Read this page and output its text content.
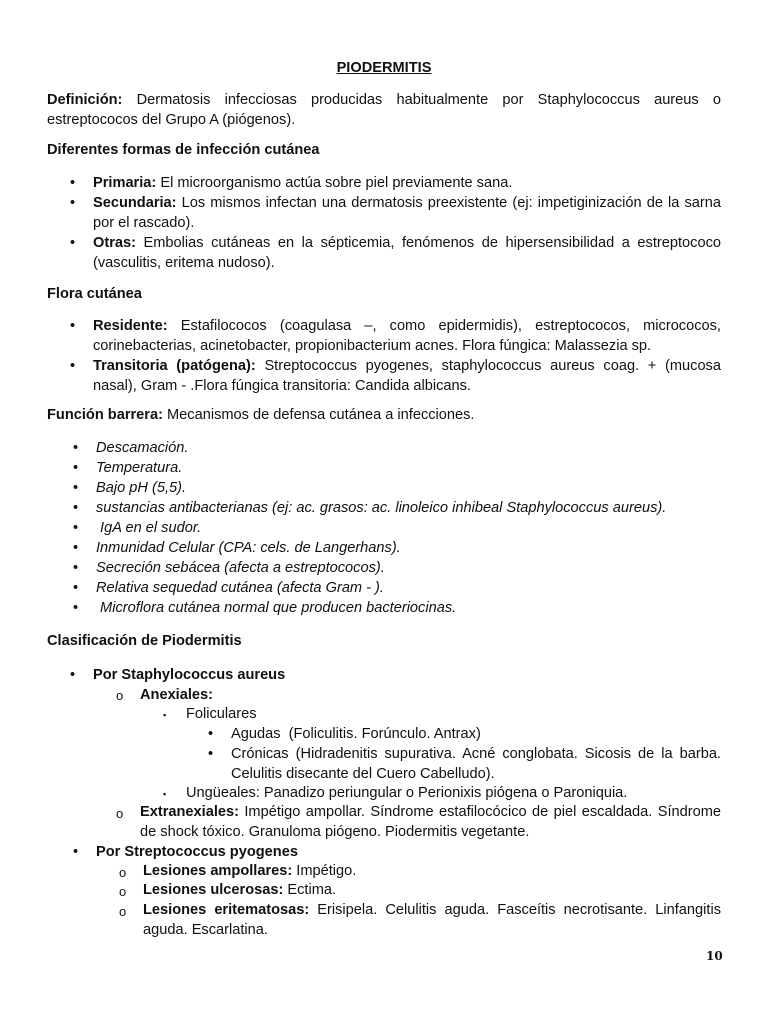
PIODERMITIS
Definición: Dermatosis infecciosas producidas habitualmente por Staphylococcus aureus o estreptococos del Grupo A (piógenos).
Diferentes formas de infección cutánea
• Primaria: El microorganismo actúa sobre piel previamente sana.
• Secundaria: Los mismos infectan una dermatosis preexistente (ej: impetiginización de la sarna por el rascado).
• Otras: Embolias cutáneas en la sépticemia, fenómenos de hipersensibilidad a estreptococo (vasculitis, eritema nudoso).
Flora cutánea
• Residente: Estafilococos (coagulasa –, como epidermidis), estreptococos, micrococos, corinebacterias, acinetobacter, propionibacterium acnes. Flora fúngica: Malassezia sp.
• Transitoria (patógena): Streptococcus pyogenes, staphylococcus aureus coag. + (mucosa nasal), Gram - .Flora fúngica transitoria: Candida albicans.
Función barrera: Mecanismos de defensa cutánea a infecciones.
• Descamación.
• Temperatura.
• Bajo pH (5,5).
• sustancias antibacterianas (ej: ac. grasos: ac. linoleico inhibeal Staphylococcus aureus).
•  IgA en el sudor.
• Inmunidad Celular (CPA: cels. de Langerhans).
• Secreción sebácea (afecta a estreptococos).
• Relativa sequedad cutánea (afecta Gram - ).
•  Microflora cutánea normal que producen bacteriocinas.
Clasificación de Piodermitis
• Por Staphylococcus aureus
o Anexiales:
▪ Foliculares
• Agudas  (Foliculitis. Forúnculo. Antrax)
• Crónicas (Hidradenitis supurativa. Acné conglobata. Sicosis de la barba. Celulitis disecante del Cuero Cabelludo).
▪ Ungüeales: Panadizo periungular o Perionixis piógena o Paroniquia.
o Extranexiales: Impétigo ampollar. Síndrome estafilocócico de piel escaldada. Síndrome de shock tóxico. Granuloma piógeno. Piodermitis vegetante.
• Por Streptococcus pyogenes
o Lesiones ampollares: Impétigo.
o Lesiones ulcerosas: Ectima.
o Lesiones eritematosas: Erisipela. Celulitis aguda. Fasceítis necrotisante. Linfangitis aguda. Escarlatina.
10
